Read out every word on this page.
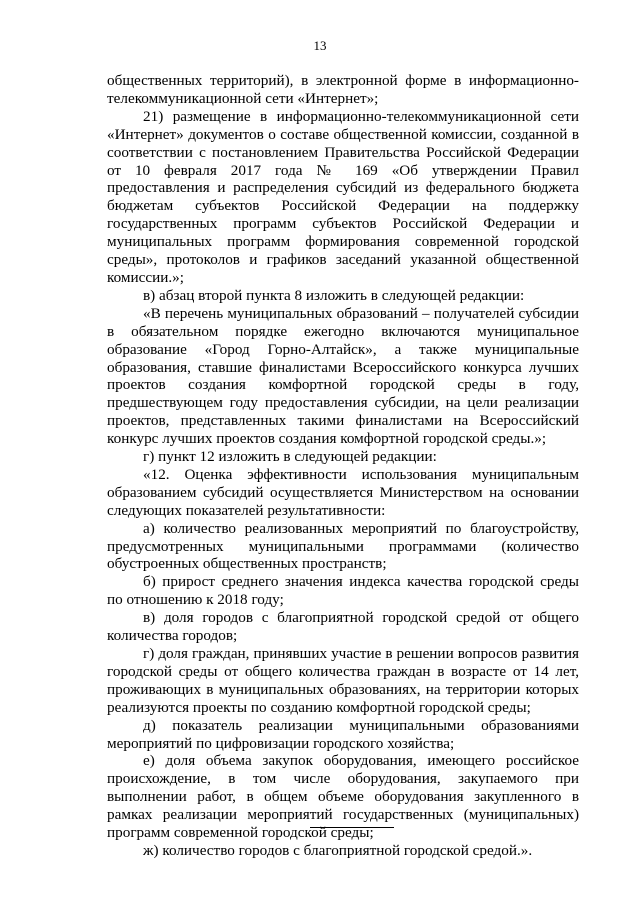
13

общественных территорий), в электронной форме в информационно-телекоммуникационной сети «Интернет»;

21) размещение в информационно-телекоммуникационной сети «Интернет» документов о составе общественной комиссии, созданной в соответствии с постановлением Правительства Российской Федерации от 10 февраля 2017 года № 169 «Об утверждении Правил предоставления и распределения субсидий из федерального бюджета бюджетам субъектов Российской Федерации на поддержку государственных программ субъектов Российской Федерации и муниципальных программ формирования современной городской среды», протоколов и графиков заседаний указанной общественной комиссии.»;

в) абзац второй пункта 8 изложить в следующей редакции:

«В перечень муниципальных образований – получателей субсидии в обязательном порядке ежегодно включаются муниципальное образование «Город Горно-Алтайск», а также муниципальные образования, ставшие финалистами Всероссийского конкурса лучших проектов создания комфортной городской среды в году, предшествующем году предоставления субсидии, на цели реализации проектов, представленных такими финалистами на Всероссийский конкурс лучших проектов создания комфортной городской среды.»;

г) пункт 12 изложить в следующей редакции:

«12. Оценка эффективности использования муниципальным образованием субсидий осуществляется Министерством на основании следующих показателей результативности:

а) количество реализованных мероприятий по благоустройству, предусмотренных муниципальными программами (количество обустроенных общественных пространств;

б) прирост среднего значения индекса качества городской среды по отношению к 2018 году;

в) доля городов с благоприятной городской средой от общего количества городов;

г) доля граждан, принявших участие в решении вопросов развития городской среды от общего количества граждан в возрасте от 14 лет, проживающих в муниципальных образованиях, на территории которых реализуются проекты по созданию комфортной городской среды;

д) показатель реализации муниципальными образованиями мероприятий по цифровизации городского хозяйства;

е) доля объема закупок оборудования, имеющего российское происхождение, в том числе оборудования, закупаемого при выполнении работ, в общем объеме оборудования закупленного в рамках реализации мероприятий государственных (муниципальных) программ современной городской среды;

ж) количество городов с благоприятной городской средой.».
